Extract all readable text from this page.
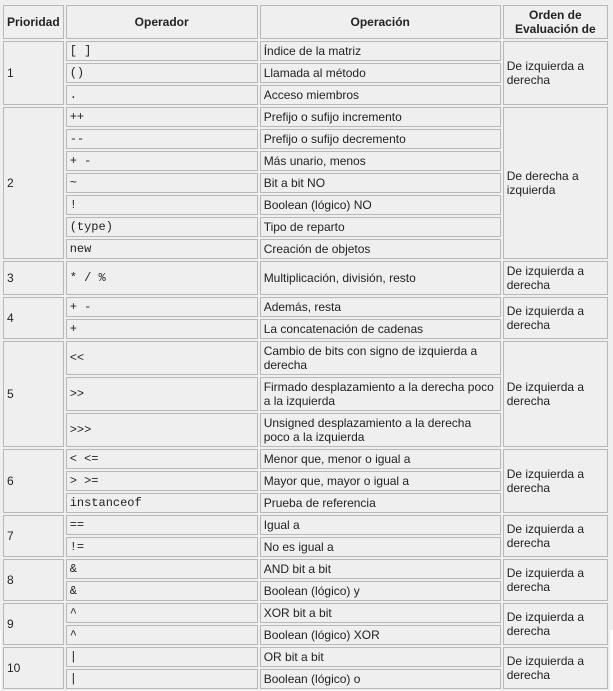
Prioridad	Operador	Operación	Orden de Evaluación de
1	[ ]	Índice de la matriz	De izquierda a derecha
	()	Llamada al método	
	.	Acceso miembros	
2	++	Prefijo o sufijo incremento	De derecha a izquierda
	--	Prefijo o sufijo decremento	
	+ -	Más unario, menos	
	~	Bit a bit NO	
	!	Boolean (lógico) NO	
	(type)	Tipo de reparto	
	new	Creación de objetos	
3	* / %	Multiplicación, división, resto	De izquierda a derecha
4	+ -	Además, resta	De izquierda a derecha
	+	La concatenación de cadenas	
5	<<	Cambio de bits con signo de izquierda a derecha	De izquierda a derecha
	>>	Firmado desplazamiento a la derecha poco a la izquierda	
	>>>	Unsigned desplazamiento a la derecha poco a la izquierda	
6	< <=	Menor que, menor o igual a	De izquierda a derecha
	> >=	Mayor que, mayor o igual a	
	instanceof	Prueba de referencia	
7	==	Igual a	De izquierda a derecha
	!=	No es igual a	
8	&	AND bit a bit	De izquierda a derecha
	&	Boolean (lógico) y	
9	^	XOR bit a bit	De izquierda a derecha
	^	Boolean (lógico) XOR	
10	|	OR bit a bit	De izquierda a derecha
	|	Boolean (lógico) o	
